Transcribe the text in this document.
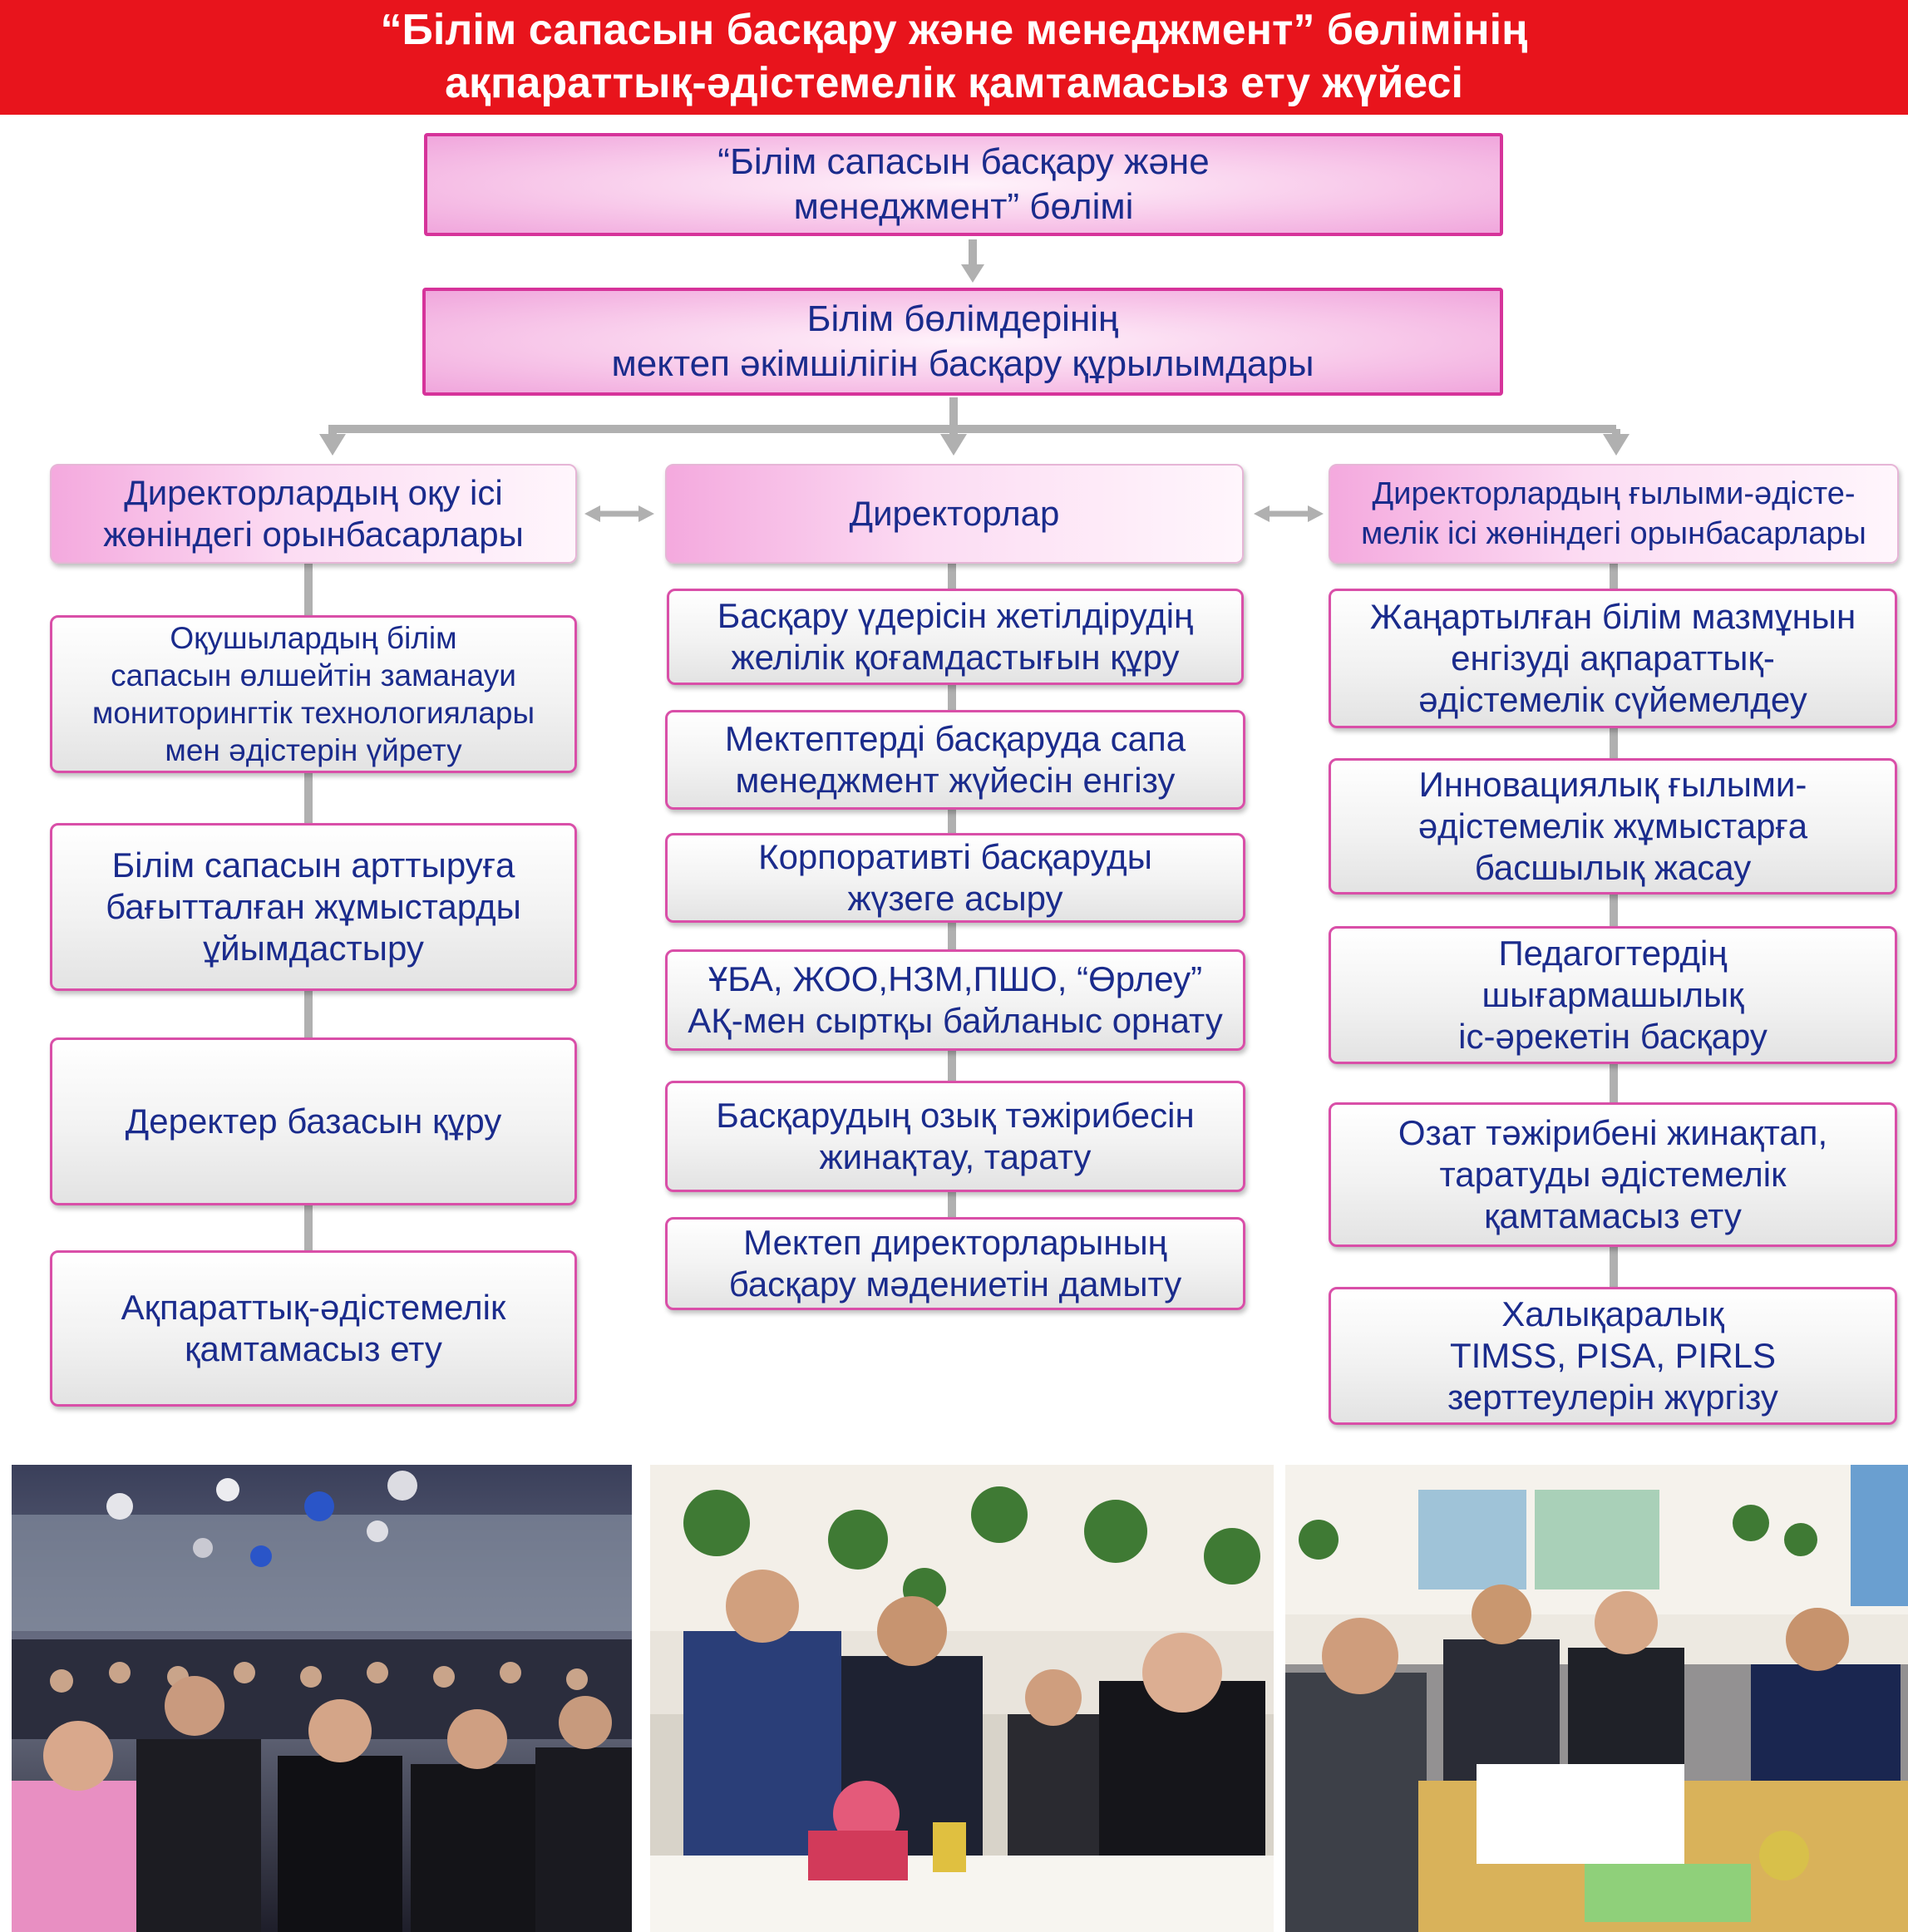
“Білім сапасын басқару және менеджмент” бөлімінің
ақпараттық-әдістемелік қамтамасыз ету жүйесі
“Білім сапасын басқару және
менеджмент” бөлімі
Білім бөлімдерінің
мектеп әкімшілігін басқару құрылымдары
Директорлардың оқу ісі
жөніндегі орынбасарлары
Директорлар	Директорлардың ғылыми-әдісте-
мелік ісі жөніндегі орынбасарлары
Оқушылардың білім
сапасын өлшейтін заманауи
мониторингтік технологиялары
мен әдістерін үйрету
Білім сапасын арттыруға
бағытталған жұмыстарды
ұйымдастыру
Деректер базасын құру
Ақпараттық-әдістемелік
қамтамасыз ету
Басқару үдерісін жетілдірудің
желілік қоғамдастығын құру
Мектептерді басқаруда сапа
менеджмент жүйесін енгізу
Корпоративті басқаруды
жүзеге асыру
ҰБА, ЖОО,НЗМ,ПШО, “Өрлеу”
АҚ-мен сыртқы байланыс орнату
Басқарудың озық тәжірибесін
жинақтау, тарату
Мектеп директорларының
басқару мәдениетін дамыту
Жаңартылған білім мазмұнын
енгізуді ақпараттық-
әдістемелік сүйемелдеу
Инновациялық ғылыми-
әдістемелік жұмыстарға
басшылық жасау
Педагогтердің
шығармашылық
іс-әрекетін басқару
Озат тәжірибені жинақтап,
таратуды әдістемелік
қамтамасыз ету
Халықаралық
TIMSS, PISA, PIRLS
зерттеулерін жүргізу
